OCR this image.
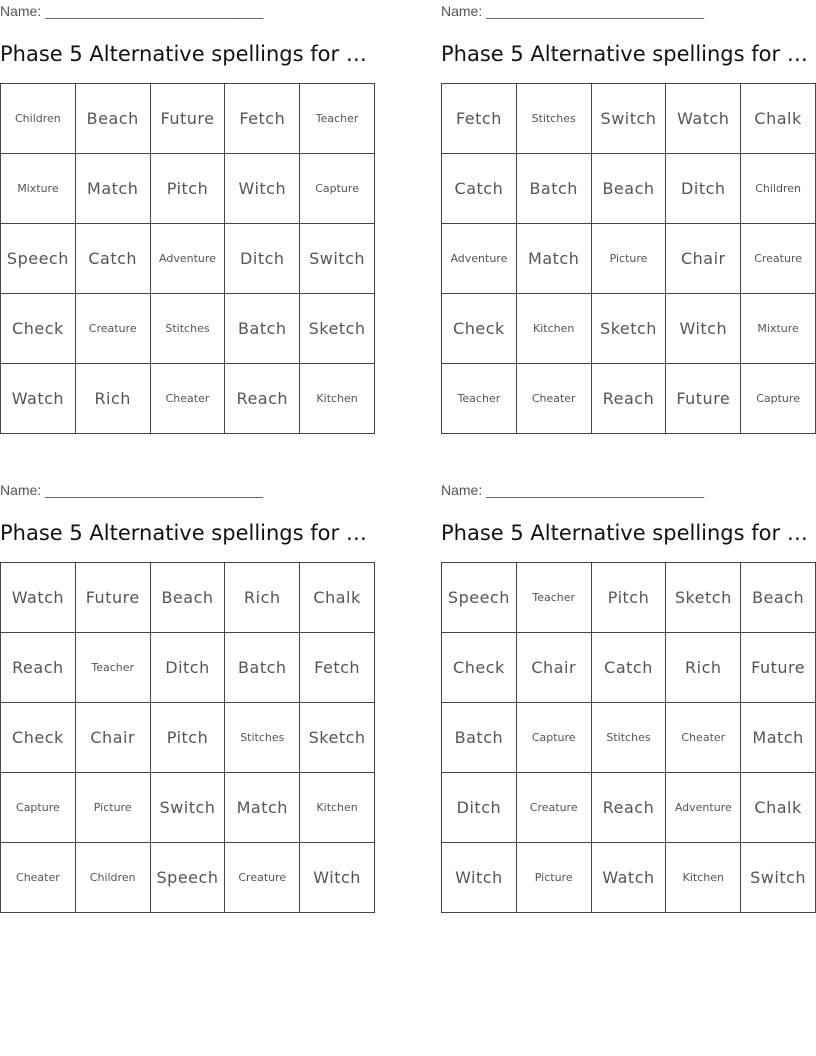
Name: ____________________________
Phase 5 Alternative spellings for t…
Children	Beach	Future	Fetch	Teacher
Mixture	Match	Pitch	Witch	Capture
Speech	Catch	Adventure	Ditch	Switch
Check	Creature	Stitches	Batch	Sketch
Watch	Rich	Cheater	Reach	Kitchen
Name: ____________________________
Phase 5 Alternative spellings for t…
Fetch	Stitches	Switch	Watch	Chalk
Catch	Batch	Beach	Ditch	Children
Adventure	Match	Picture	Chair	Creature
Check	Kitchen	Sketch	Witch	Mixture
Teacher	Cheater	Reach	Future	Capture
Name: ____________________________
Phase 5 Alternative spellings for t…
Watch	Future	Beach	Rich	Chalk
Reach	Teacher	Ditch	Batch	Fetch
Check	Chair	Pitch	Stitches	Sketch
Capture	Picture	Switch	Match	Kitchen
Cheater	Children	Speech	Creature	Witch
Name: ____________________________
Phase 5 Alternative spellings for t…
Speech	Teacher	Pitch	Sketch	Beach
Check	Chair	Catch	Rich	Future
Batch	Capture	Stitches	Cheater	Match
Ditch	Creature	Reach	Adventure	Chalk
Witch	Picture	Watch	Kitchen	Switch
